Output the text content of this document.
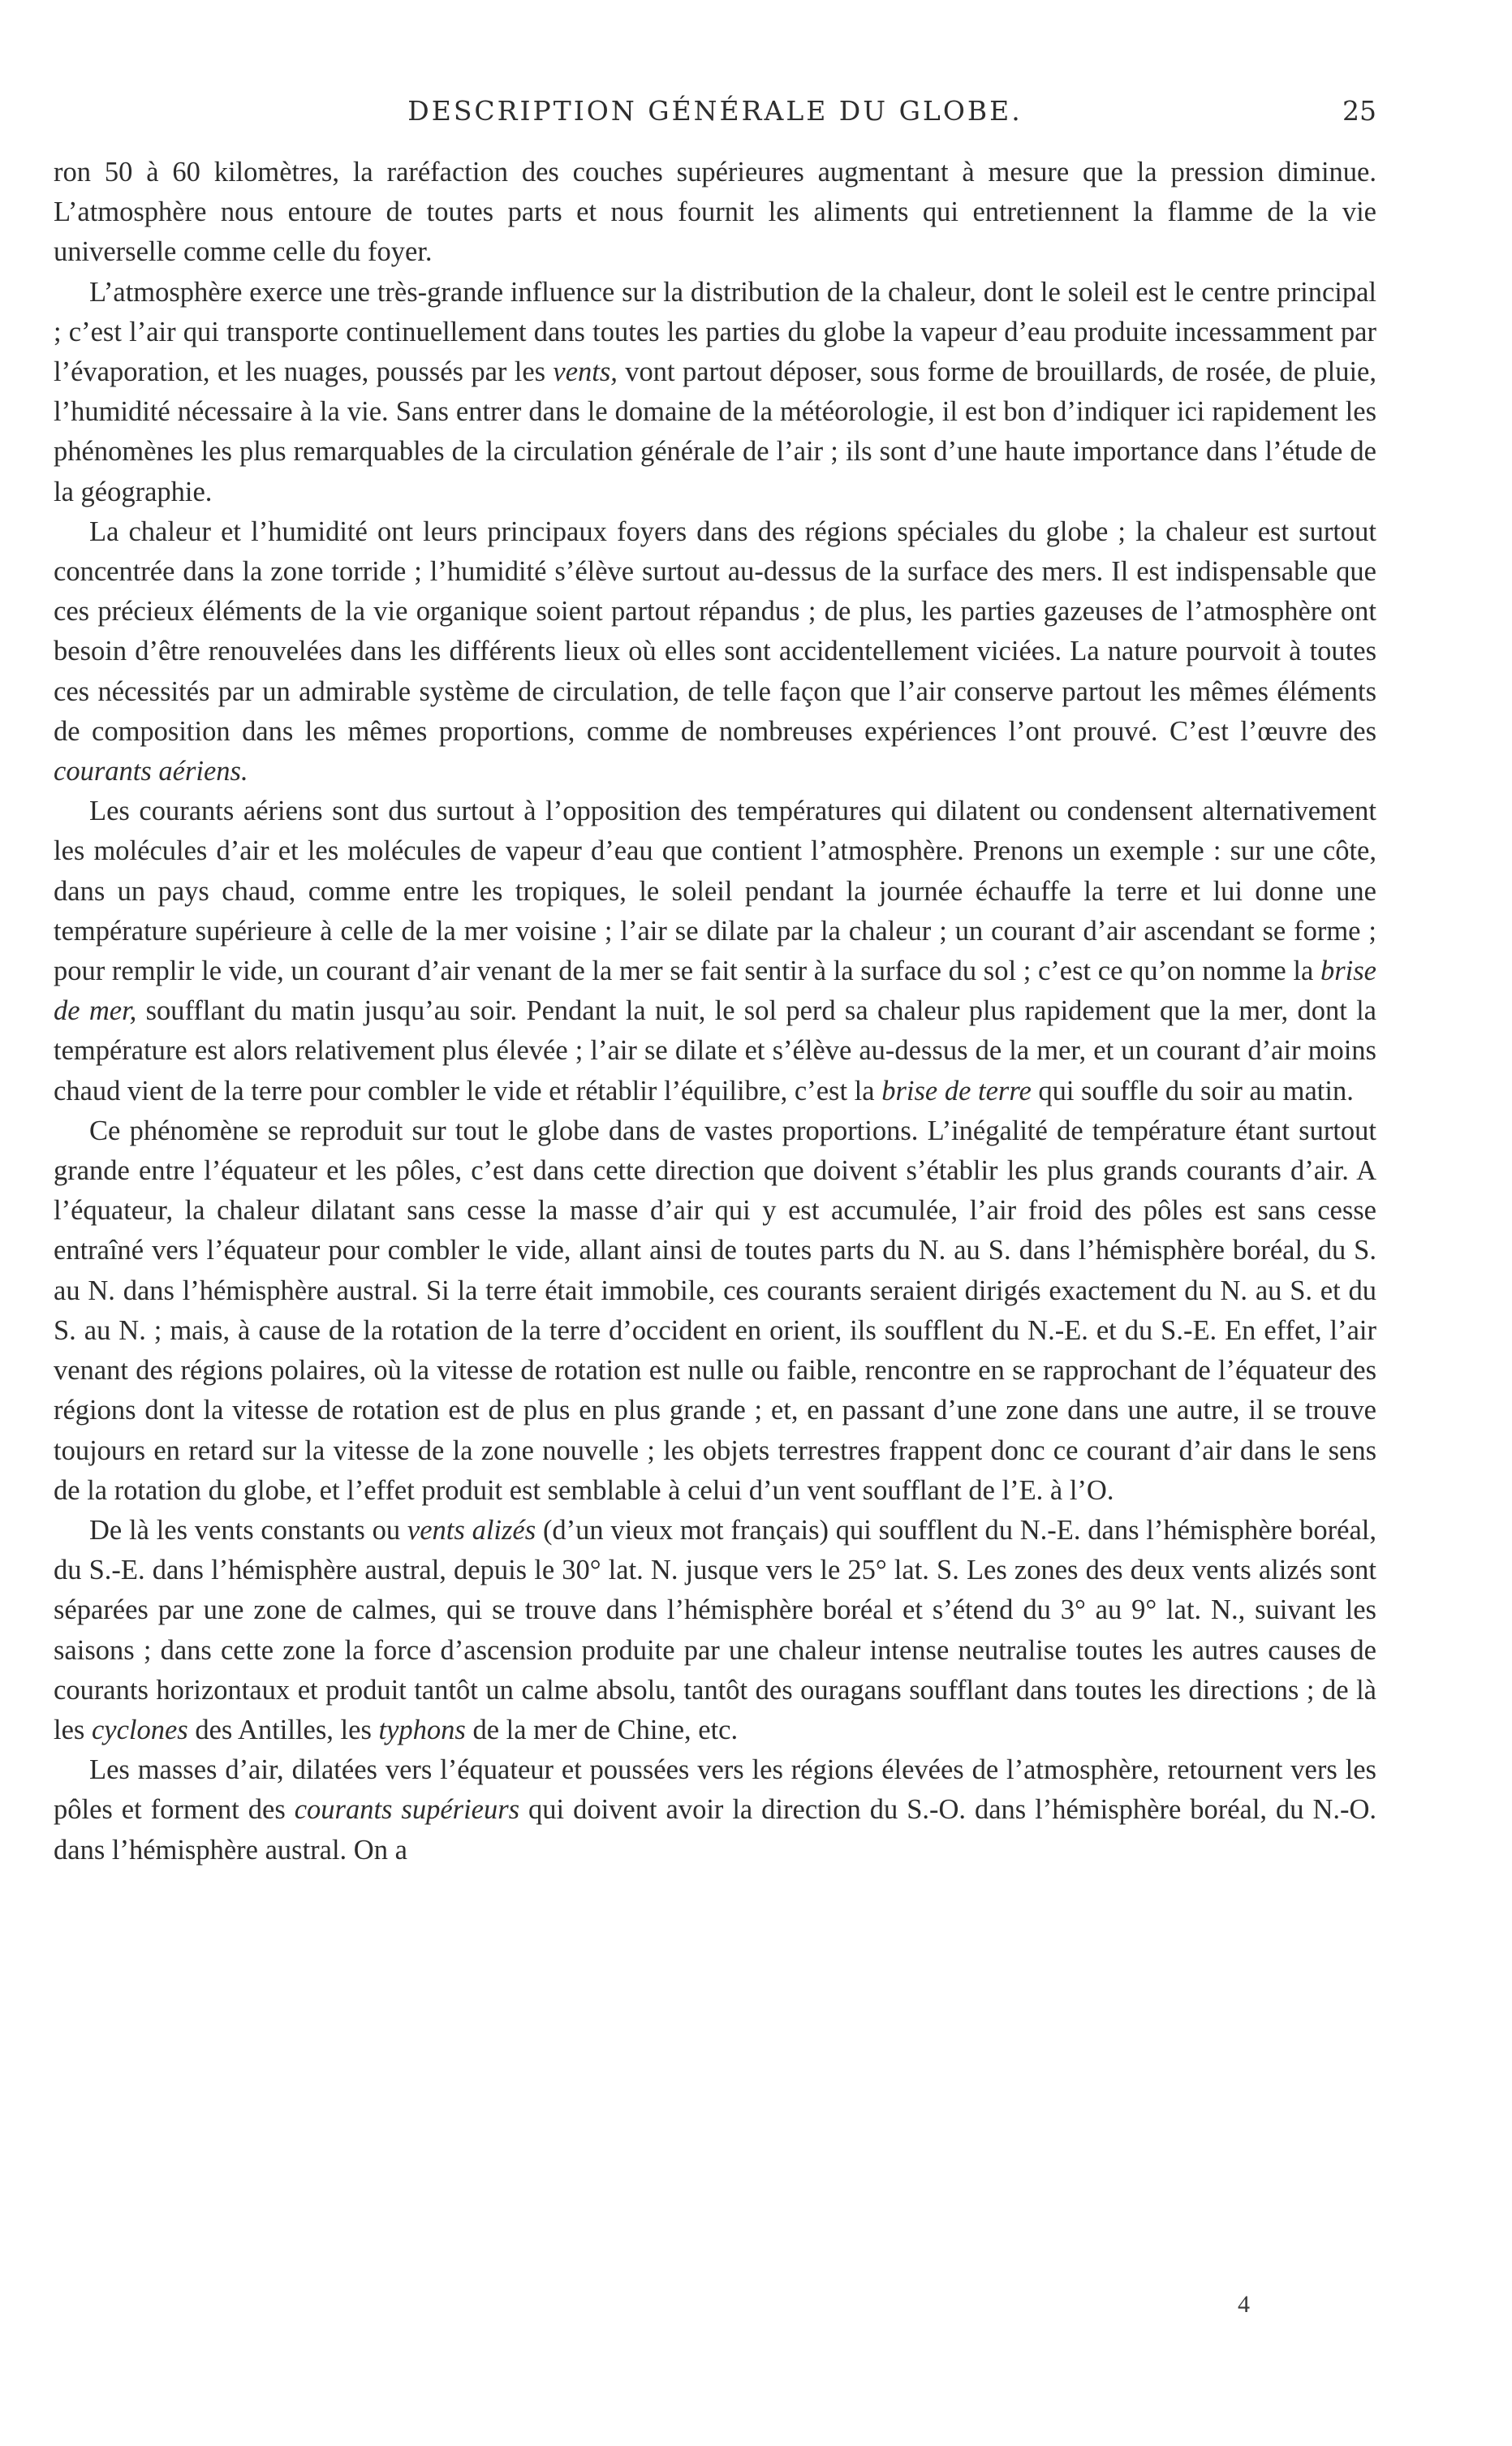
DESCRIPTION GÉNÉRALE DU GLOBE.	25

ron 50 à 60 kilomètres, la raréfaction des couches supérieures augmentant à mesure que la pression diminue. L’atmosphère nous entoure de toutes parts et nous fournit les aliments qui entretiennent la flamme de la vie universelle comme celle du foyer.

L’atmosphère exerce une très-grande influence sur la distribution de la chaleur, dont le soleil est le centre principal ; c’est l’air qui transporte continuellement dans toutes les parties du globe la vapeur d’eau produite incessamment par l’évaporation, et les nuages, poussés par les vents, vont partout déposer, sous forme de brouillards, de rosée, de pluie, l’humidité nécessaire à la vie. Sans entrer dans le domaine de la météorologie, il est bon d’indiquer ici rapidement les phénomènes les plus remarquables de la circulation générale de l’air ; ils sont d’une haute importance dans l’étude de la géographie.

La chaleur et l’humidité ont leurs principaux foyers dans des régions spéciales du globe ; la chaleur est surtout concentrée dans la zone torride ; l’humidité s’élève surtout au-dessus de la surface des mers. Il est indispensable que ces précieux éléments de la vie organique soient partout répandus ; de plus, les parties gazeuses de l’atmosphère ont besoin d’être renouvelées dans les différents lieux où elles sont accidentellement viciées. La nature pourvoit à toutes ces nécessités par un admirable système de circulation, de telle façon que l’air conserve partout les mêmes éléments de composition dans les mêmes proportions, comme de nombreuses expériences l’ont prouvé. C’est l’œuvre des courants aériens.

Les courants aériens sont dus surtout à l’opposition des températures qui dilatent ou condensent alternativement les molécules d’air et les molécules de vapeur d’eau que contient l’atmosphère. Prenons un exemple : sur une côte, dans un pays chaud, comme entre les tropiques, le soleil pendant la journée échauffe la terre et lui donne une température supérieure à celle de la mer voisine ; l’air se dilate par la chaleur ; un courant d’air ascendant se forme ; pour remplir le vide, un courant d’air venant de la mer se fait sentir à la surface du sol ; c’est ce qu’on nomme la brise de mer, soufflant du matin jusqu’au soir. Pendant la nuit, le sol perd sa chaleur plus rapidement que la mer, dont la température est alors relativement plus élevée ; l’air se dilate et s’élève au-dessus de la mer, et un courant d’air moins chaud vient de la terre pour combler le vide et rétablir l’équilibre, c’est la brise de terre qui souffle du soir au matin.

Ce phénomène se reproduit sur tout le globe dans de vastes proportions. L’inégalité de température étant surtout grande entre l’équateur et les pôles, c’est dans cette direction que doivent s’établir les plus grands courants d’air. A l’équateur, la chaleur dilatant sans cesse la masse d’air qui y est accumulée, l’air froid des pôles est sans cesse entraîné vers l’équateur pour combler le vide, allant ainsi de toutes parts du N. au S. dans l’hémisphère boréal, du S. au N. dans l’hémisphère austral. Si la terre était immobile, ces courants seraient dirigés exactement du N. au S. et du S. au N. ; mais, à cause de la rotation de la terre d’occident en orient, ils soufflent du N.-E. et du S.-E. En effet, l’air venant des régions polaires, où la vitesse de rotation est nulle ou faible, rencontre en se rapprochant de l’équateur des régions dont la vitesse de rotation est de plus en plus grande ; et, en passant d’une zone dans une autre, il se trouve toujours en retard sur la vitesse de la zone nouvelle ; les objets terrestres frappent donc ce courant d’air dans le sens de la rotation du globe, et l’effet produit est semblable à celui d’un vent soufflant de l’E. à l’O.

De là les vents constants ou vents alizés (d’un vieux mot français) qui soufflent du N.-E. dans l’hémisphère boréal, du S.-E. dans l’hémisphère austral, depuis le 30° lat. N. jusque vers le 25° lat. S. Les zones des deux vents alizés sont séparées par une zone de calmes, qui se trouve dans l’hémisphère boréal et s’étend du 3° au 9° lat. N., suivant les saisons ; dans cette zone la force d’ascension produite par une chaleur intense neutralise toutes les autres causes de courants horizontaux et produit tantôt un calme absolu, tantôt des ouragans soufflant dans toutes les directions ; de là les cyclones des Antilles, les typhons de la mer de Chine, etc.

Les masses d’air, dilatées vers l’équateur et poussées vers les régions élevées de l’atmosphère, retournent vers les pôles et forment des courants supérieurs qui doivent avoir la direction du S.-O. dans l’hémisphère boréal, du N.-O. dans l’hémisphère austral. On a

4
